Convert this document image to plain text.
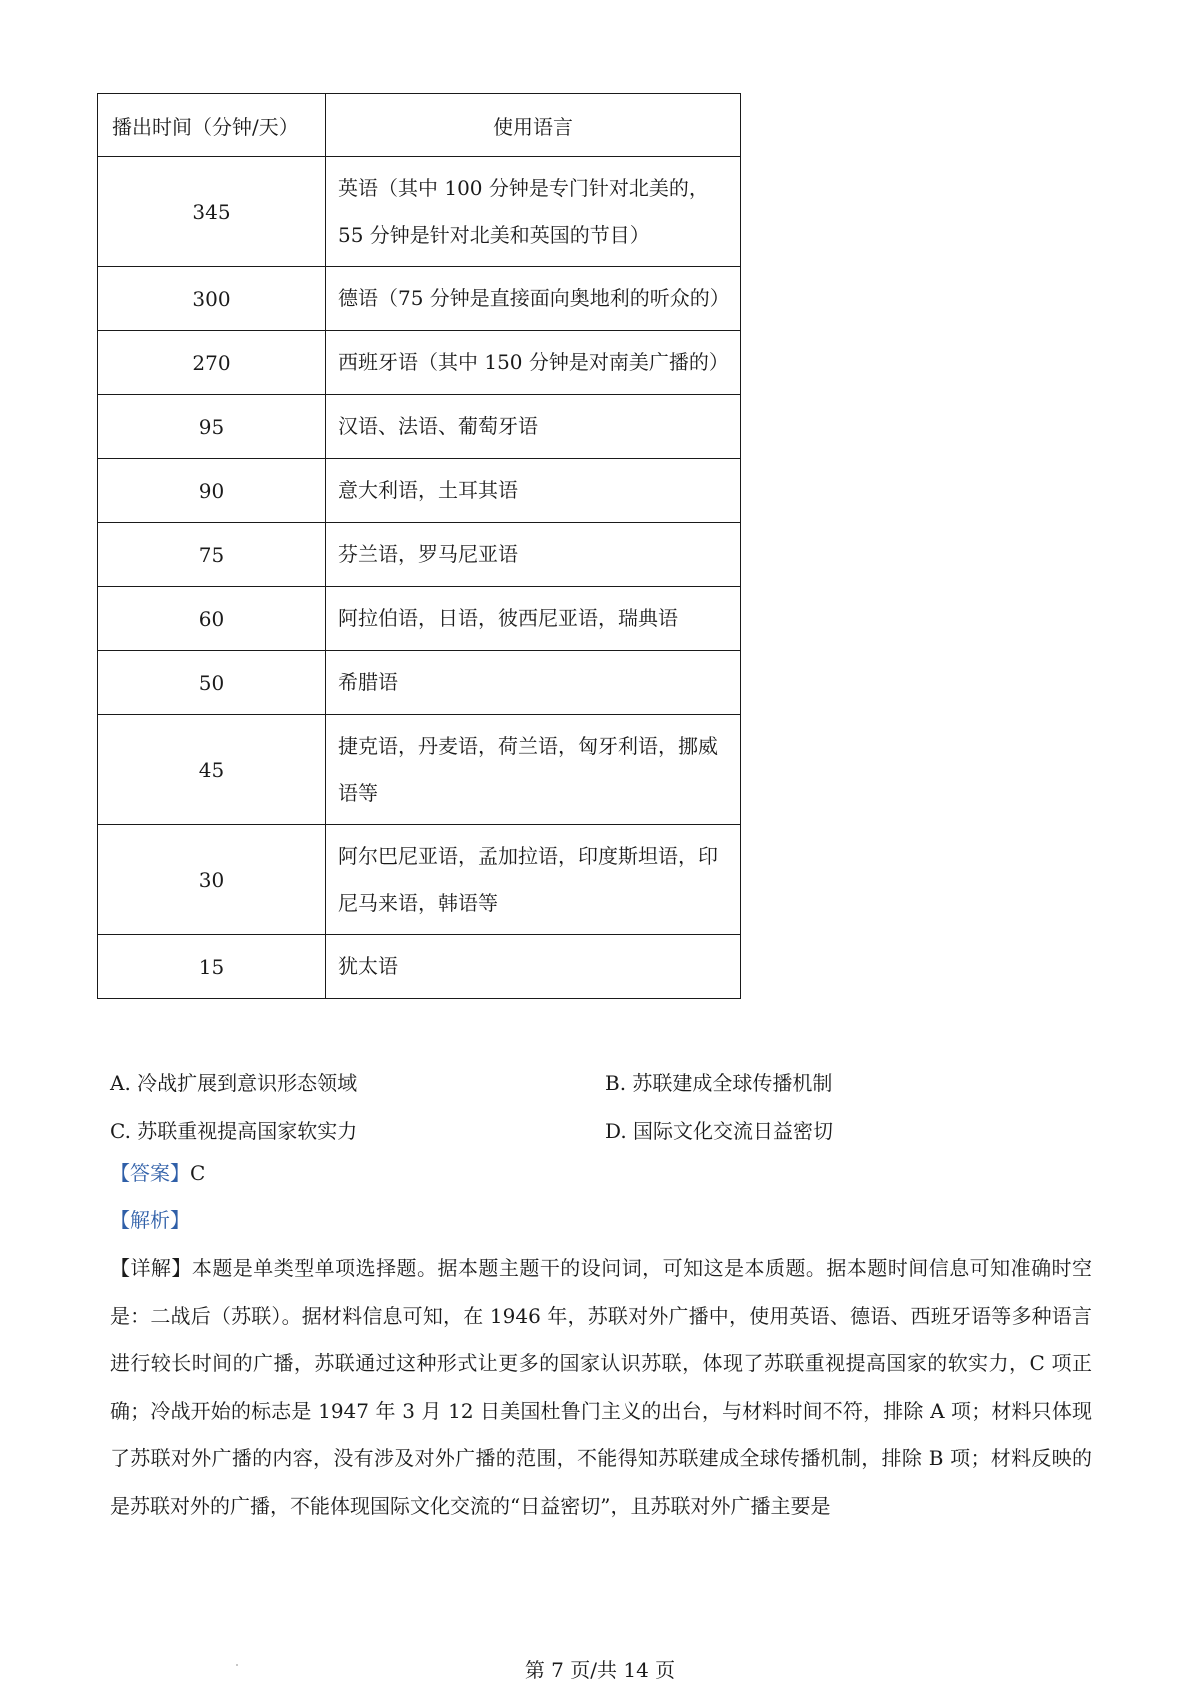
播出时间（分钟/天）	使用语言
345	英语（其中 100 分钟是专门针对北美的，55 分钟是针对北美和英国的节目）
300	德语（75 分钟是直接面向奥地利的听众的）
270	西班牙语（其中 150 分钟是对南美广播的）
95	汉语、法语、葡萄牙语
90	意大利语，土耳其语
75	芬兰语，罗马尼亚语
60	阿拉伯语，日语，彼西尼亚语，瑞典语
50	希腊语
45	捷克语，丹麦语，荷兰语，匈牙利语，挪威语等
30	阿尔巴尼亚语，孟加拉语，印度斯坦语，印尼马来语，韩语等
15	犹太语
A. 冷战扩展到意识形态领域	B. 苏联建成全球传播机制
C. 苏联重视提高国家软实力	D. 国际文化交流日益密切
【答案】C
【解析】
【详解】本题是单类型单项选择题。据本题主题干的设问词，可知这是本质题。据本题时间信息可知准确时空是：二战后（苏联）。据材料信息可知，在 1946 年，苏联对外广播中，使用英语、德语、西班牙语等多种语言进行较长时间的广播，苏联通过这种形式让更多的国家认识苏联，体现了苏联重视提高国家的软实力，C 项正确；冷战开始的标志是 1947 年 3 月 12 日美国杜鲁门主义的出台，与材料时间不符，排除 A 项；材料只体现了苏联对外广播的内容，没有涉及对外广播的范围，不能得知苏联建成全球传播机制，排除 B 项；材料反映的是苏联对外的广播，不能体现国际文化交流的“日益密切”，且苏联对外广播主要是
第 7 页/共 14 页
